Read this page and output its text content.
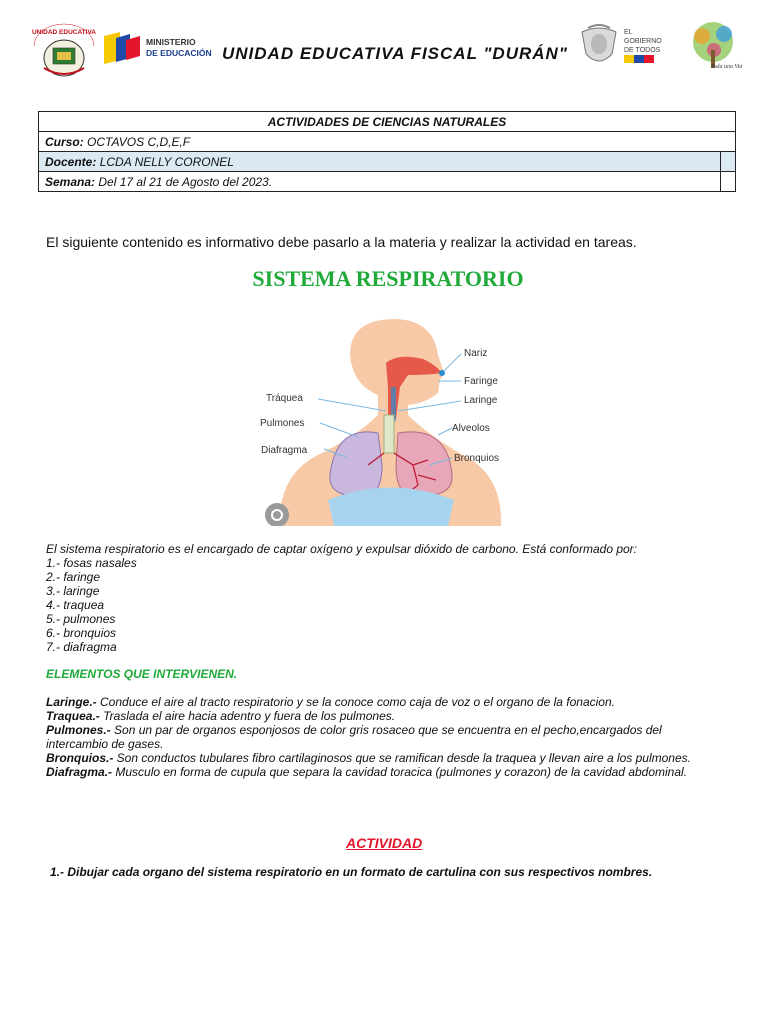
UNIDAD EDUCATIVA
MINISTERIO
DE EDUCACIÓN UNIDAD EDUCATIVA FISCAL "DURÁN"
EL
GOBIERNO
DE TODOS
Toda una Vida
ACTIVIDADES DE CIENCIAS NATURALES	
Curso: OCTAVOS C,D,E,F	
Docente: LCDA NELLY CORONEL	
Semana: Del 17 al 21 de Agosto del 2023.	
El siguiente contenido es informativo debe pasarlo a la materia y realizar la actividad en tareas.
SISTEMA RESPIRATORIO
Nariz
Faringe
Laringe
Tráquea
Pulmones	Alveolos
Diafragma
Bronquios
El sistema respiratorio es el encargado de captar oxígeno y expulsar dióxido de carbono. Está conformado por:
1.- fosas nasales
2.- faringe
3.- laringe
4.- traquea
5.- pulmones
6.- bronquios
7.- diafragma
ELEMENTOS QUE INTERVIENEN.
Laringe.- Conduce el aire al tracto respiratorio y se la conoce como caja de voz o el organo de la fonacion.
Traquea.- Traslada el aire hacia adentro y fuera de los pulmones.
Pulmones.- Son un par de organos esponjosos de color gris rosaceo que se encuentra en el pecho,encargados del intercambio de gases.
Bronquios.- Son conductos tubulares fibro cartilaginosos que se ramifican desde la traquea y llevan aire a los pulmones.
Diafragma.- Musculo en forma de cupula que separa la cavidad toracica (pulmones y corazon) de la cavidad abdominal.
ACTIVIDAD
1.- Dibujar cada organo del sistema respiratorio en un formato de cartulina con sus respectivos nombres.
